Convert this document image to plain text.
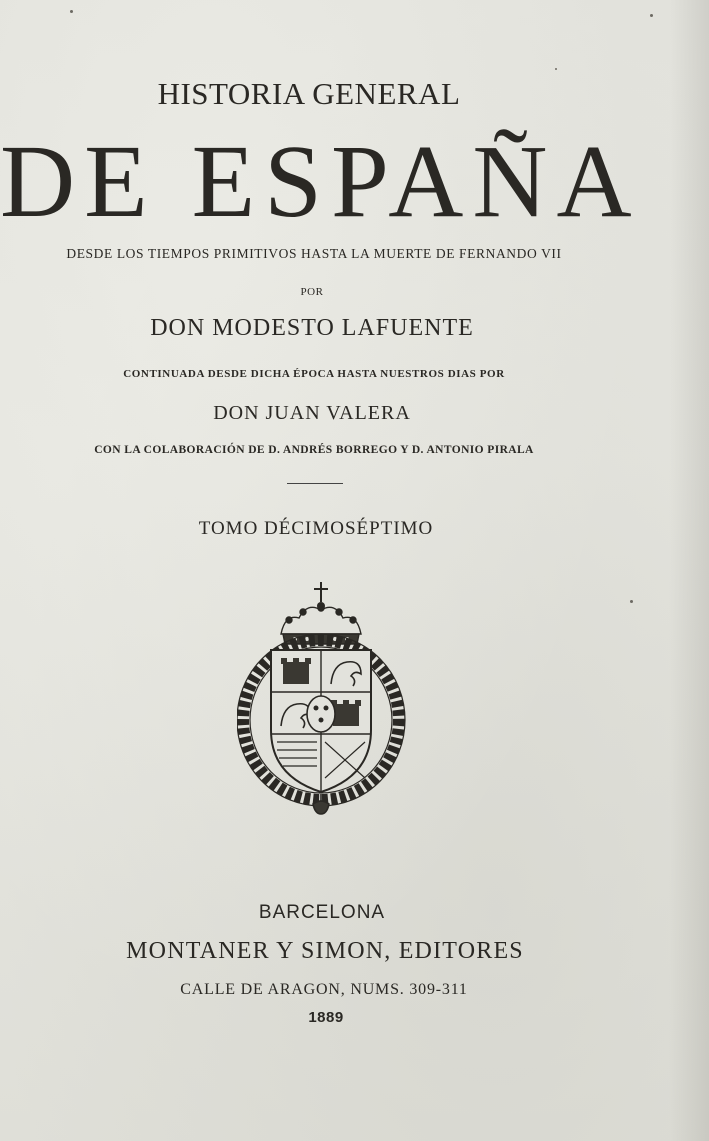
HISTORIA GENERAL
DE ESPAÑA
DESDE LOS TIEMPOS PRIMITIVOS HASTA LA MUERTE DE FERNANDO VII
POR
DON MODESTO LAFUENTE
CONTINUADA DESDE DICHA ÉPOCA HASTA NUESTROS DIAS POR
DON JUAN VALERA
CON LA COLABORACIÓN DE D. ANDRÉS BORREGO Y D. ANTONIO PIRALA
TOMO DÉCIMOSÉPTIMO
BARCELONA
MONTANER Y SIMON, EDITORES
CALLE DE ARAGON, NUMS. 309-311
1889
